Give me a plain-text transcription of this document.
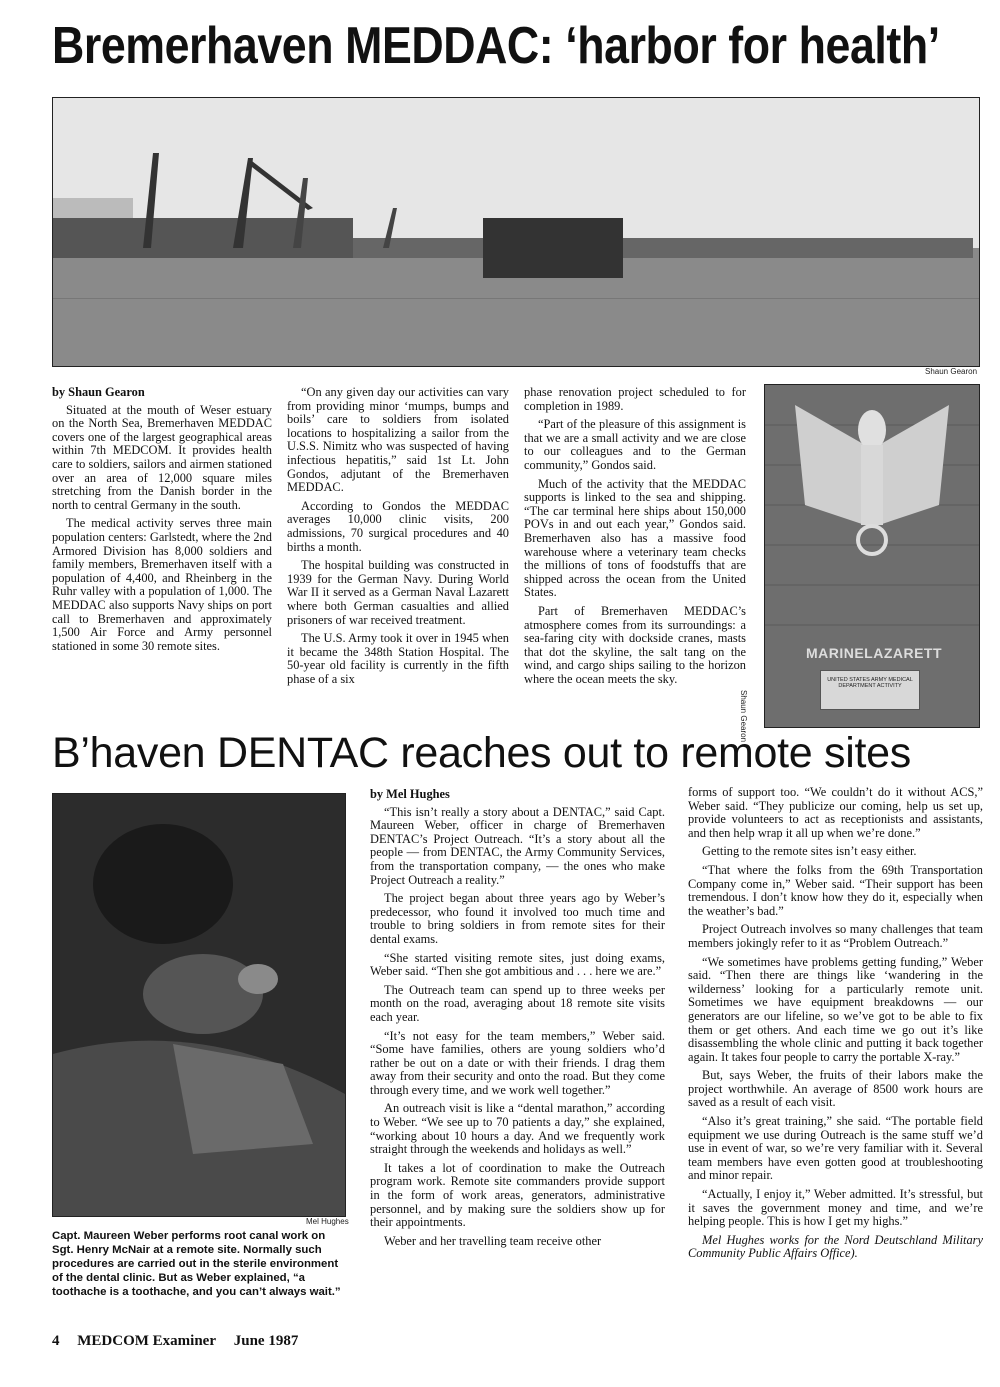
Bremerhaven MEDDAC: ‘harbor for health’
Shaun Gearon
by Shaun Gearon

Situated at the mouth of Weser estuary on the North Sea, Bremerhaven MEDDAC covers one of the largest geographical areas within 7th MEDCOM. It provides health care to soldiers, sailors and airmen stationed over an area of 12,000 square miles stretching from the Danish border in the north to central Germany in the south.

The medical activity serves three main population centers: Garlstedt, where the 2nd Armored Division has 8,000 soldiers and family members, Bremerhaven itself with a population of 4,400, and Rheinberg in the Ruhr valley with a population of 1,000. The MEDDAC also supports Navy ships on port call to Bremerhaven and approximately 1,500 Air Force and Army personnel stationed in some 30 remote sites.

“On any given day our activities can vary from providing minor ‘mumps, bumps and boils’ care to soldiers from isolated locations to hospitalizing a sailor from the U.S.S. Nimitz who was suspected of having infectious hepatitis,” said 1st Lt. John Gondos, adjutant of the Bremerhaven MEDDAC.

According to Gondos the MEDDAC averages 10,000 clinic visits, 200 admissions, 70 surgical procedures and 40 births a month.

The hospital building was constructed in 1939 for the German Navy. During World War II it served as a German Naval Lazarett where both German casualties and allied prisoners of war received treatment.

The U.S. Army took it over in 1945 when it became the 348th Station Hospital. The 50-year old facility is currently in the fifth phase of a six

phase renovation project scheduled to for completion in 1989.

“Part of the pleasure of this assignment is that we are a small activity and we are close to our colleagues and to the German community,” Gondos said.

Much of the activity that the MEDDAC supports is linked to the sea and shipping. “The car terminal here ships about 150,000 POVs in and out each year,” Gondos said. Bremerhaven also has a massive food warehouse where a veterinary team checks the millions of tons of foodstuffs that are shipped across the ocean from the United States.

Part of Bremerhaven MEDDAC’s atmosphere comes from its surroundings: a sea-faring city with dockside cranes, masts that dot the skyline, the salt tang on the wind, and cargo ships sailing to the horizon where the ocean meets the sky.

MARINELAZARETT
UNITED STATES ARMY MEDICAL DEPARTMENT ACTIVITY
Shaun Gearon
B’haven DENTAC reaches out to remote sites
Mel Hughes
Capt. Maureen Weber performs root canal work on Sgt. Henry McNair at a remote site. Normally such procedures are carried out in the sterile environment of the dental clinic. But as Weber explained, “a toothache is a toothache, and you can’t always wait.”
by Mel Hughes

“This isn’t really a story about a DENTAC,” said Capt. Maureen Weber, officer in charge of Bremerhaven DENTAC’s Project Outreach. “It’s a story about all the people — from DENTAC, the Army Community Services, from the transportation company, — the ones who make Project Outreach a reality.”

The project began about three years ago by Weber’s predecessor, who found it involved too much time and trouble to bring soldiers in from remote sites for their dental exams.

“She started visiting remote sites, just doing exams, Weber said. “Then she got ambitious and . . . here we are.”

The Outreach team can spend up to three weeks per month on the road, averaging about 18 remote site visits each year.

“It’s not easy for the team members,” Weber said. “Some have families, others are young soldiers who’d rather be out on a date or with their friends. I drag them away from their security and onto the road. But they come through every time, and we work well together.”

An outreach visit is like a “dental marathon,” according to Weber. “We see up to 70 patients a day,” she explained, “working about 10 hours a day. And we frequently work straight through the weekends and holidays as well.”

It takes a lot of coordination to make the Outreach program work. Remote site commanders provide support in the form of work areas, generators, administrative personnel, and by making sure the soldiers show up for their appointments.

Weber and her travelling team receive other

forms of support too. “We couldn’t do it without ACS,” Weber said. “They publicize our coming, help us set up, provide volunteers to act as receptionists and assistants, and then help wrap it all up when we’re done.”

Getting to the remote sites isn’t easy either.

“That where the folks from the 69th Transportation Company come in,” Weber said. “Their support has been tremendous. I don’t know how they do it, especially when the weather’s bad.”

Project Outreach involves so many challenges that team members jokingly refer to it as “Problem Outreach.”

“We sometimes have problems getting funding,” Weber said. “Then there are things like ‘wandering in the wilderness’ looking for a particularly remote unit. Sometimes we have equipment breakdowns — our generators are our lifeline, so we’ve got to be able to fix them or get others. And each time we go out it’s like disassembling the whole clinic and putting it back together again. It takes four people to carry the portable X-ray.”

But, says Weber, the fruits of their labors make the project worthwhile. An average of 8500 work hours are saved as a result of each visit.

“Also it’s great training,” she said. “The portable field equipment we use during Outreach is the same stuff we’d use in event of war, so we’re very familiar with it. Several team members have even gotten good at troubleshooting and minor repair.

“Actually, I enjoy it,” Weber admitted. It’s stressful, but it saves the government money and time, and we’re helping people. This is how I get my highs.”

Mel Hughes works for the Nord Deutschland Military Community Public Affairs Office).

4 MEDCOM Examiner June 1987
